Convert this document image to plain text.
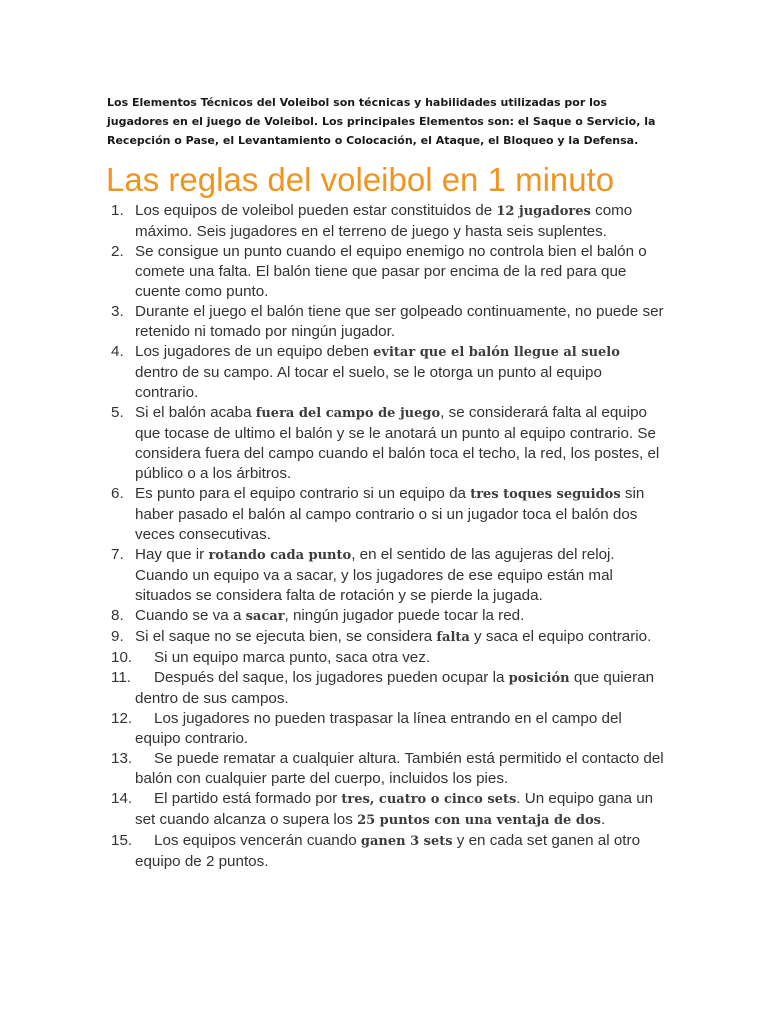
Los Elementos Técnicos del Voleibol son técnicas y habilidades utilizadas por los jugadores en el juego de Voleibol. Los principales Elementos son: el Saque o Servicio, la Recepción o Pase, el Levantamiento o Colocación, el Ataque, el Bloqueo y la Defensa.

Las reglas del voleibol en 1 minuto
1. Los equipos de voleibol pueden estar constituidos de 12 jugadores como máximo. Seis jugadores en el terreno de juego y hasta seis suplentes.
2. Se consigue un punto cuando el equipo enemigo no controla bien el balón o comete una falta. El balón tiene que pasar por encima de la red para que cuente como punto.
3. Durante el juego el balón tiene que ser golpeado continuamente, no puede ser retenido ni tomado por ningún jugador.
4. Los jugadores de un equipo deben evitar que el balón llegue al suelo dentro de su campo. Al tocar el suelo, se le otorga un punto al equipo contrario.
5. Si el balón acaba fuera del campo de juego, se considerará falta al equipo que tocase de ultimo el balón y se le anotará un punto al equipo contrario. Se considera fuera del campo cuando el balón toca el techo, la red, los postes, el público o a los árbitros.
6. Es punto para el equipo contrario si un equipo da tres toques seguidos sin haber pasado el balón al campo contrario o si un jugador toca el balón dos veces consecutivas.
7. Hay que ir rotando cada punto, en el sentido de las agujeras del reloj. Cuando un equipo va a sacar, y los jugadores de ese equipo están mal situados se considera falta de rotación y se pierde la jugada.
8. Cuando se va a sacar, ningún jugador puede tocar la red.
9. Si el saque no se ejecuta bien, se considera falta y saca el equipo contrario.
10. Si un equipo marca punto, saca otra vez.
11. Después del saque, los jugadores pueden ocupar la posición que quieran dentro de sus campos.
12. Los jugadores no pueden traspasar la línea entrando en el campo del equipo contrario.
13. Se puede rematar a cualquier altura. También está permitido el contacto del balón con cualquier parte del cuerpo, incluidos los pies.
14. El partido está formado por tres, cuatro o cinco sets. Un equipo gana un set cuando alcanza o supera los 25 puntos con una ventaja de dos.
15. Los equipos vencerán cuando ganen 3 sets y en cada set ganen al otro equipo de 2 puntos.
